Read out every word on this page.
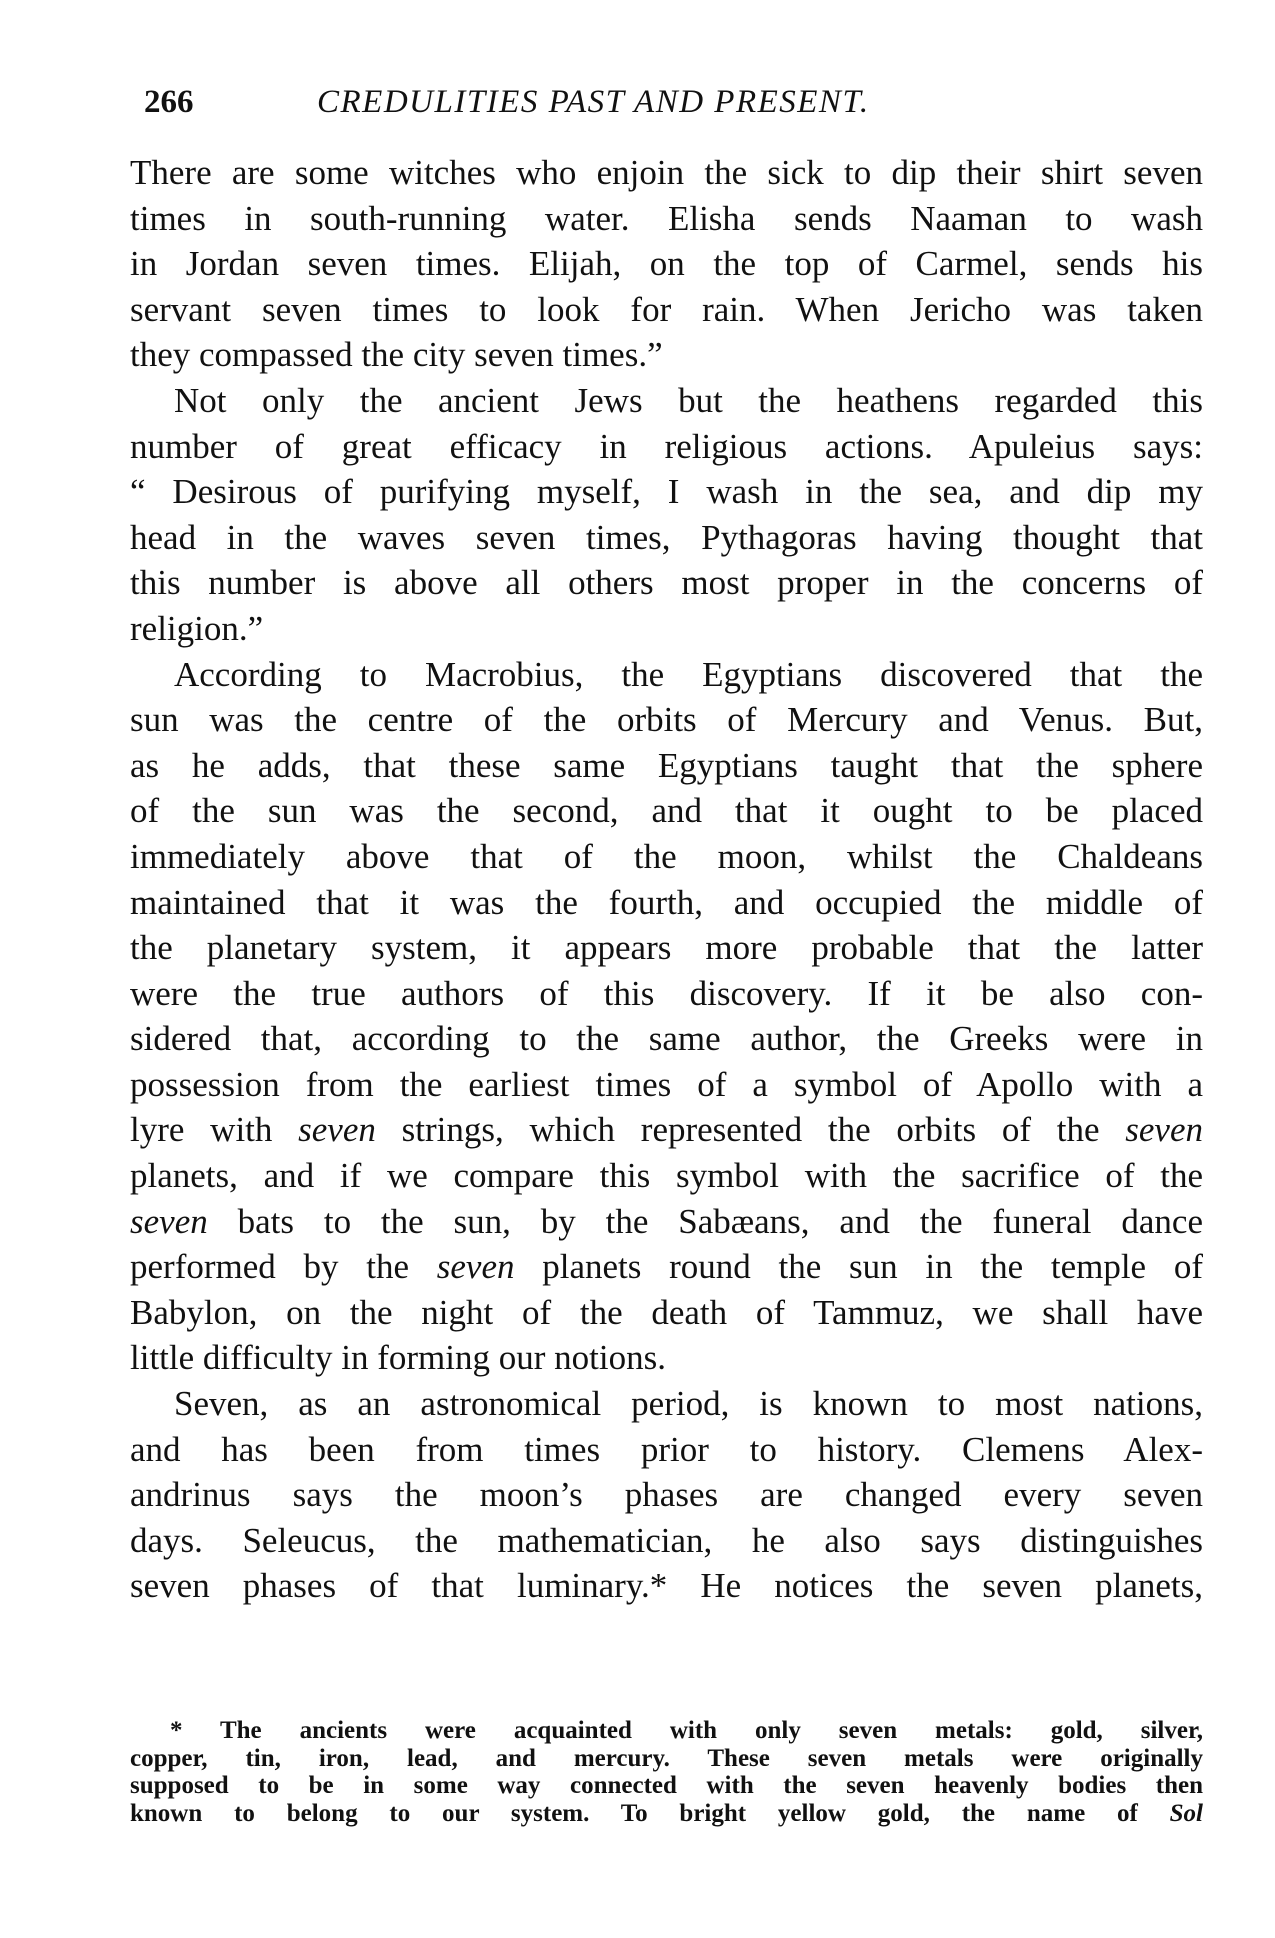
266	CREDULITIES PAST AND PRESENT.
There are some witches who enjoin the sick to dip their shirt seven
times in south-running water. Elisha sends Naaman to wash
in Jordan seven times. Elijah, on the top of Carmel, sends his
servant seven times to look for rain. When Jericho was taken
they compassed the city seven times.”
Not only the ancient Jews but the heathens regarded this
number of great efficacy in religious actions. Apuleius says:
“ Desirous of purifying myself, I wash in the sea, and dip my
head in the waves seven times, Pythagoras having thought that
this number is above all others most proper in the concerns of
religion.”
According to Macrobius, the Egyptians discovered that the
sun was the centre of the orbits of Mercury and Venus. But,
as he adds, that these same Egyptians taught that the sphere
of the sun was the second, and that it ought to be placed
immediately above that of the moon, whilst the Chaldeans
maintained that it was the fourth, and occupied the middle of
the planetary system, it appears more probable that the latter
were the true authors of this discovery. If it be also con-
sidered that, according to the same author, the Greeks were in
possession from the earliest times of a symbol of Apollo with a
lyre with seven strings, which represented the orbits of the seven
planets, and if we compare this symbol with the sacrifice of the
seven bats to the sun, by the Sabæans, and the funeral dance
performed by the seven planets round the sun in the temple of
Babylon, on the night of the death of Tammuz, we shall have
little difficulty in forming our notions.
Seven, as an astronomical period, is known to most nations,
and has been from times prior to history. Clemens Alex-
andrinus says the moon’s phases are changed every seven
days. Seleucus, the mathematician, he also says distinguishes
seven phases of that luminary.* He notices the seven planets,
* The ancients were acquainted with only seven metals: gold, silver,
copper, tin, iron, lead, and mercury. These seven metals were originally
supposed to be in some way connected with the seven heavenly bodies then
known to belong to our system. To bright yellow gold, the name of Sol
